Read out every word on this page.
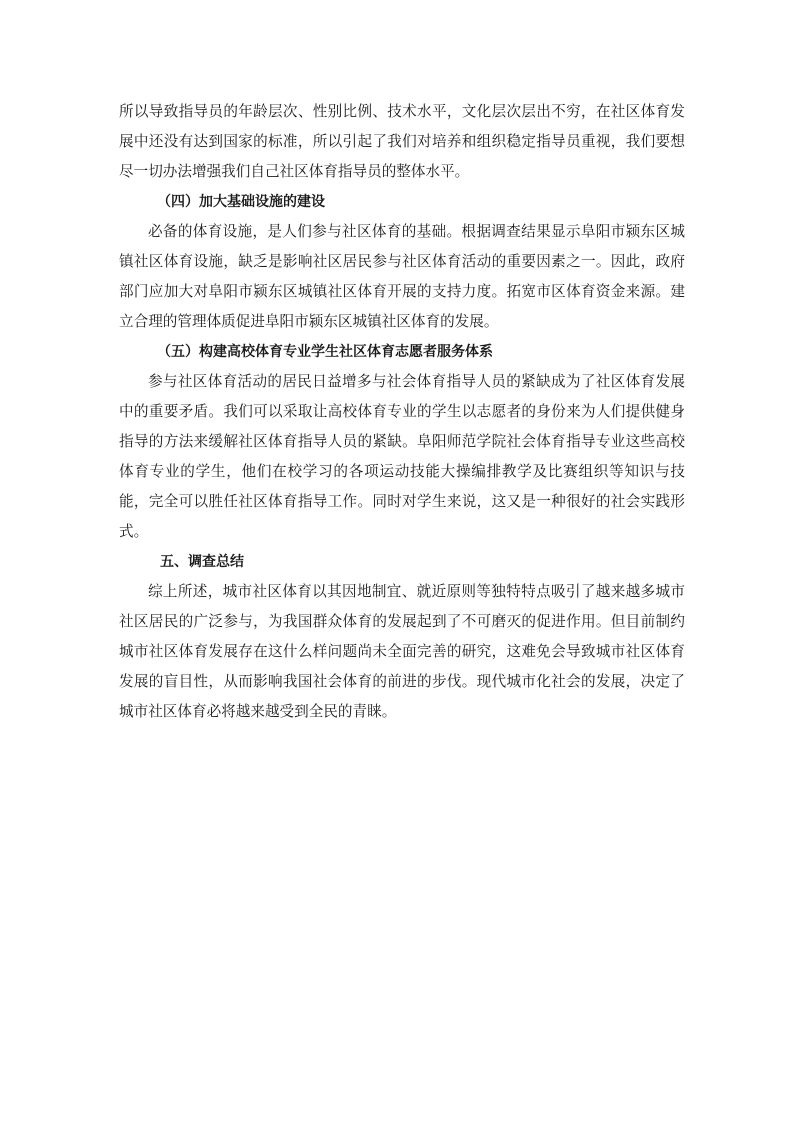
所以导致指导员的年龄层次、性别比例、技术水平，文化层次层出不穷，在社区体育发展中还没有达到国家的标准，所以引起了我们对培养和组织稳定指导员重视，我们要想尽一切办法增强我们自己社区体育指导员的整体水平。

（四）加大基础设施的建设

必备的体育设施，是人们参与社区体育的基础。根据调查结果显示阜阳市颍东区城镇社区体育设施，缺乏是影响社区居民参与社区体育活动的重要因素之一。因此，政府部门应加大对阜阳市颍东区城镇社区体育开展的支持力度。拓宽市区体育资金来源。建立合理的管理体质促进阜阳市颍东区城镇社区体育的发展。

（五）构建高校体育专业学生社区体育志愿者服务体系

参与社区体育活动的居民日益增多与社会体育指导人员的紧缺成为了社区体育发展中的重要矛盾。我们可以采取让高校体育专业的学生以志愿者的身份来为人们提供健身指导的方法来缓解社区体育指导人员的紧缺。阜阳师范学院社会体育指导专业这些高校体育专业的学生，他们在校学习的各项运动技能大操编排教学及比赛组织等知识与技能，完全可以胜任社区体育指导工作。同时对学生来说，这又是一种很好的社会实践形式。

五、调查总结

综上所述，城市社区体育以其因地制宜、就近原则等独特特点吸引了越来越多城市社区居民的广泛参与，为我国群众体育的发展起到了不可磨灭的促进作用。但目前制约城市社区体育发展存在这什么样问题尚未全面完善的研究，这难免会导致城市社区体育发展的盲目性，从而影响我国社会体育的前进的步伐。现代城市化社会的发展，决定了城市社区体育必将越来越受到全民的青睐。
